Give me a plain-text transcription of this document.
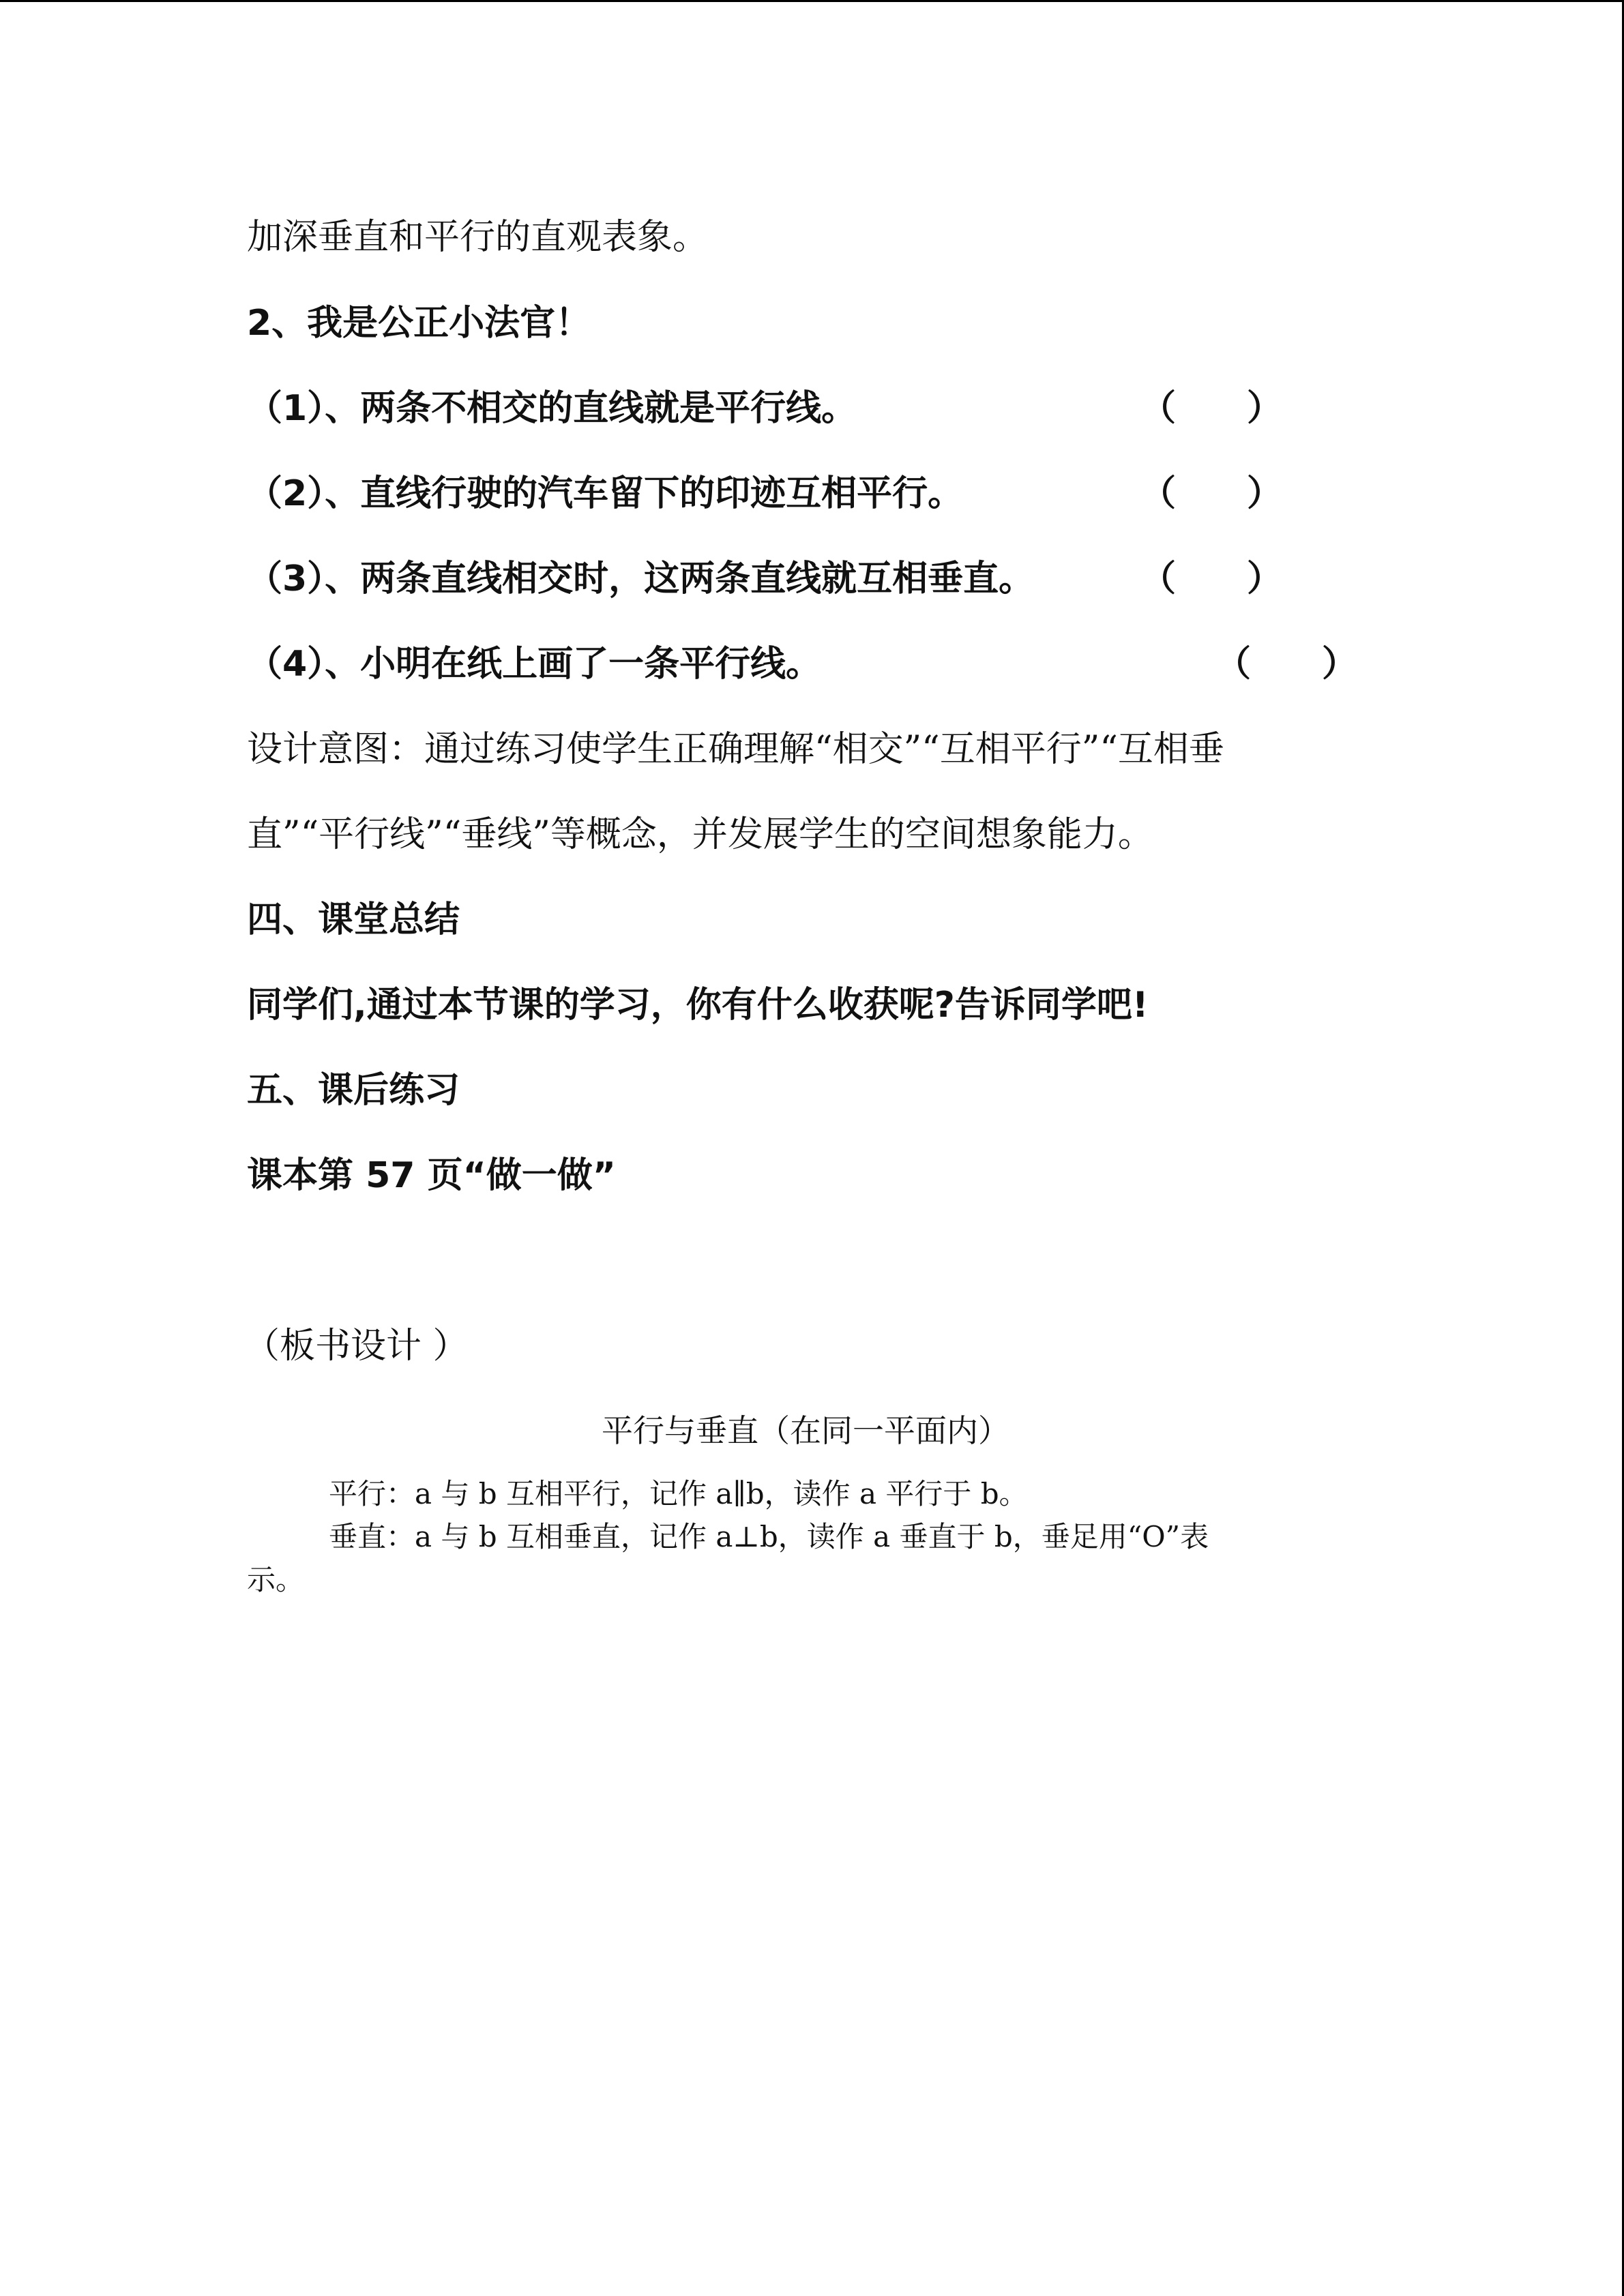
加深垂直和平行的直观表象。
2、我是公正小法官！
（1）、两条不相交的直线就是平行线。	（　　）
（2）、直线行驶的汽车留下的印迹互相平行。	（　　）
（3）、两条直线相交时，这两条直线就互相垂直。	（　　）
（4）、小明在纸上画了一条平行线。	（　　）
设计意图：通过练习使学生正确理解“相交”“互相平行”“互相垂
直”“平行线”“垂线”等概念，并发展学生的空间想象能力。
四、课堂总结
同学们,通过本节课的学习，你有什么收获呢?告诉同学吧!
五、课后练习
课本第 57 页“做一做”
（板书设计 ）
平行与垂直（在同一平面内）
平行：a 与 b 互相平行，记作 a∥b，读作 a 平行于 b。
垂直：a 与 b 互相垂直，记作 a⊥b，读作 a 垂直于 b，垂足用“O”表
示。
